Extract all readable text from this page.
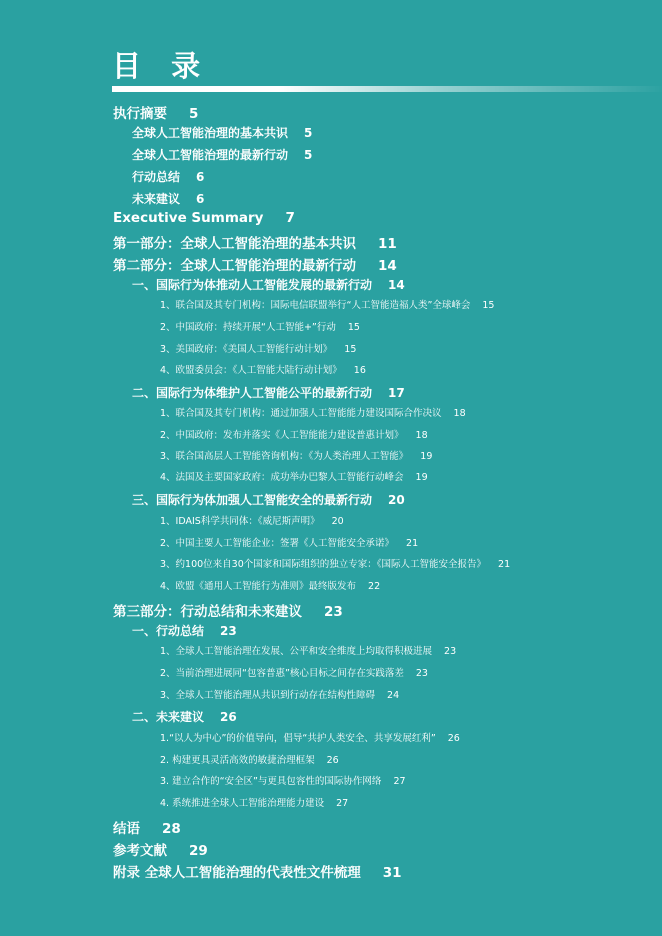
目 录
执行摘要 5
全球人工智能治理的基本共识 5
全球人工智能治理的最新行动 5
行动总结 6
未来建议 6
Executive Summary 7
第一部分：全球人工智能治理的基本共识 11
第二部分：全球人工智能治理的最新行动 14
一、国际行为体推动人工智能发展的最新行动 14
1、联合国及其专门机构：国际电信联盟举行“人工智能造福人类”全球峰会 15
2、中国政府：持续开展“人工智能+”行动 15
3、美国政府：《美国人工智能行动计划》 15
4、欧盟委员会：《人工智能大陆行动计划》 16
二、国际行为体维护人工智能公平的最新行动 17
1、联合国及其专门机构：通过加强人工智能能力建设国际合作决议 18
2、中国政府：发布并落实《人工智能能力建设普惠计划》 18
3、联合国高层人工智能咨询机构：《为人类治理人工智能》 19
4、法国及主要国家政府：成功举办巴黎人工智能行动峰会 19
三、国际行为体加强人工智能安全的最新行动 20
1、IDAIS科学共同体：《威尼斯声明》 20
2、中国主要人工智能企业：签署《人工智能安全承诺》 21
3、约100位来自30个国家和国际组织的独立专家：《国际人工智能安全报告》 21
4、欧盟《通用人工智能行为准则》最终版发布 22
第三部分：行动总结和未来建议 23
一、行动总结 23
1、全球人工智能治理在发展、公平和安全维度上均取得积极进展 23
2、当前治理进展同“包容普惠”核心目标之间存在实践落差 23
3、全球人工智能治理从共识到行动存在结构性障碍 24
二、未来建议 26
1.“以人为中心”的价值导向，倡导“共护人类安全、共享发展红利” 26
2. 构建更具灵活高效的敏捷治理框架 26
3. 建立合作的“安全区”与更具包容性的国际协作网络 27
4. 系统推进全球人工智能治理能力建设 27
结语 28
参考文献 29
附录 全球人工智能治理的代表性文件梳理 31
